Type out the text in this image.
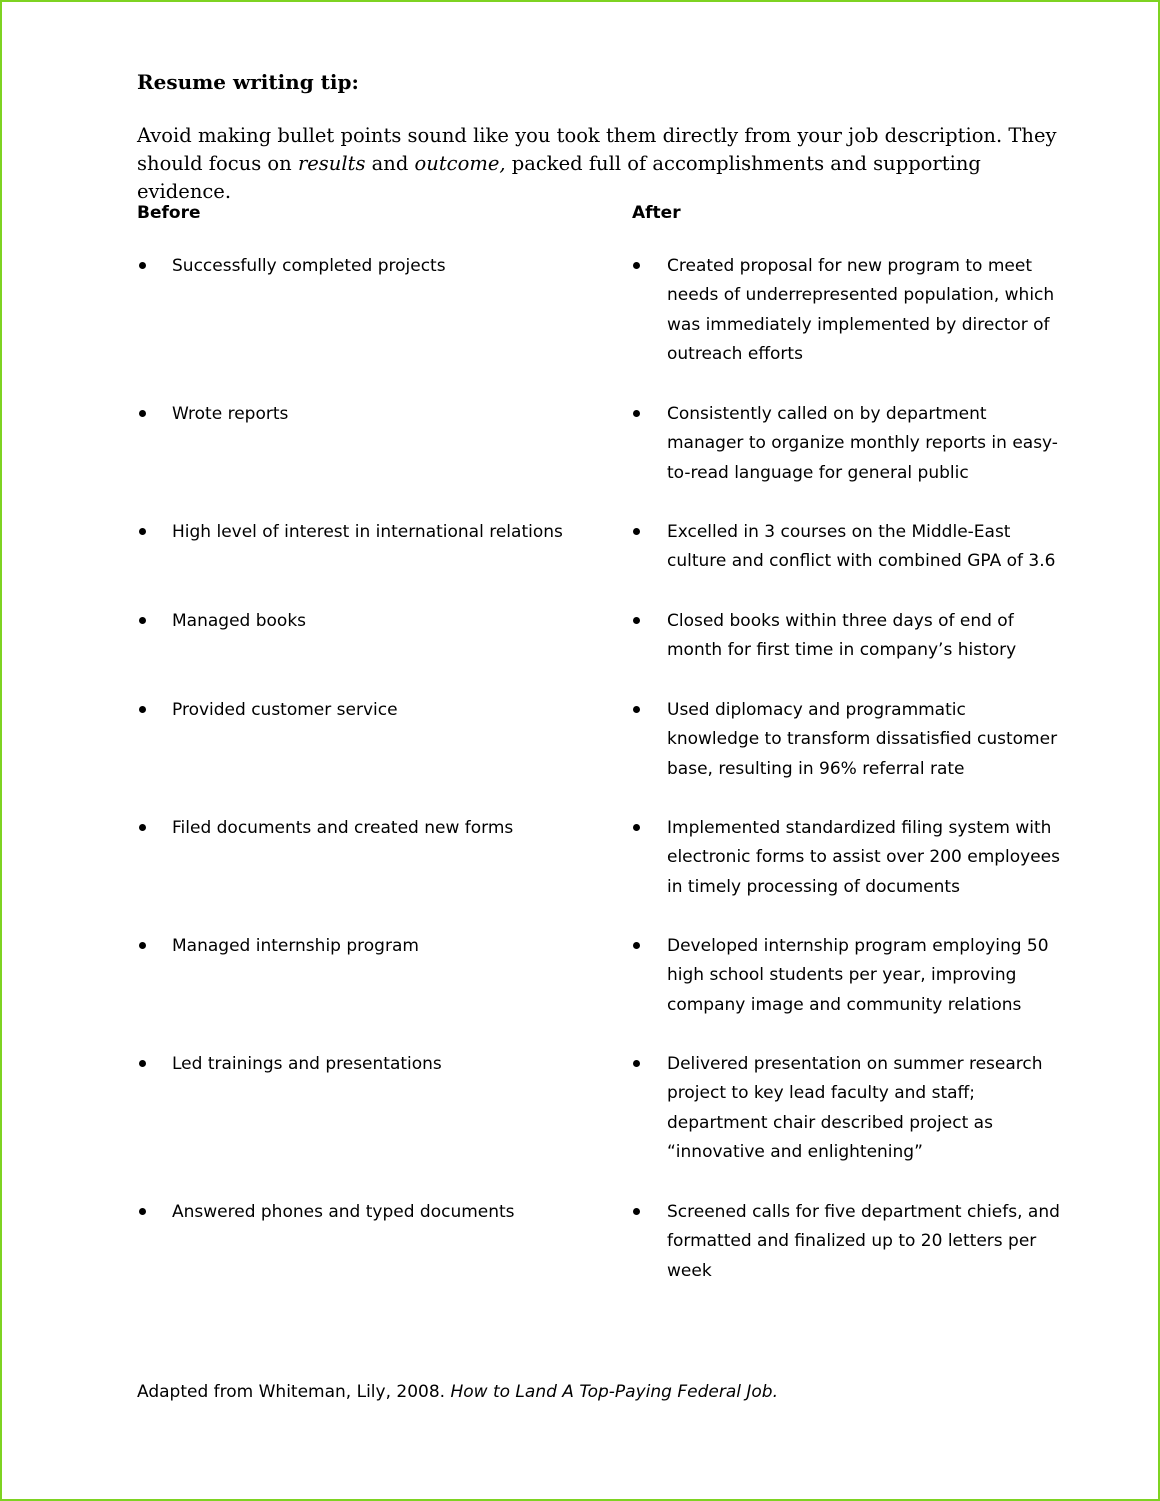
Resume writing tip:
Avoid making bullet points sound like you took them directly from your job description. They should focus on results and outcome, packed full of accomplishments and supporting evidence.
Before	After
Successfully completed projects	Created proposal for new program to meet needs of underrepresented population, which was immediately implemented by director of outreach efforts
Wrote reports	Consistently called on by department manager to organize monthly reports in easy-to-read language for general public
High level of interest in international relations	Excelled in 3 courses on the Middle-East culture and conflict with combined GPA of 3.6
Managed books	Closed books within three days of end of month for first time in company’s history
Provided customer service	Used diplomacy and programmatic knowledge to transform dissatisfied customer base, resulting in 96% referral rate
Filed documents and created new forms	Implemented standardized filing system with electronic forms to assist over 200 employees in timely processing of documents
Managed internship program	Developed internship program employing 50 high school students per year, improving company image and community relations
Led trainings and presentations	Delivered presentation on summer research project to key lead faculty and staff; department chair described project as “innovative and enlightening”
Answered phones and typed documents	Screened calls for five department chiefs, and formatted and finalized up to 20 letters per week
Adapted from Whiteman, Lily, 2008. How to Land A Top-Paying Federal Job.
